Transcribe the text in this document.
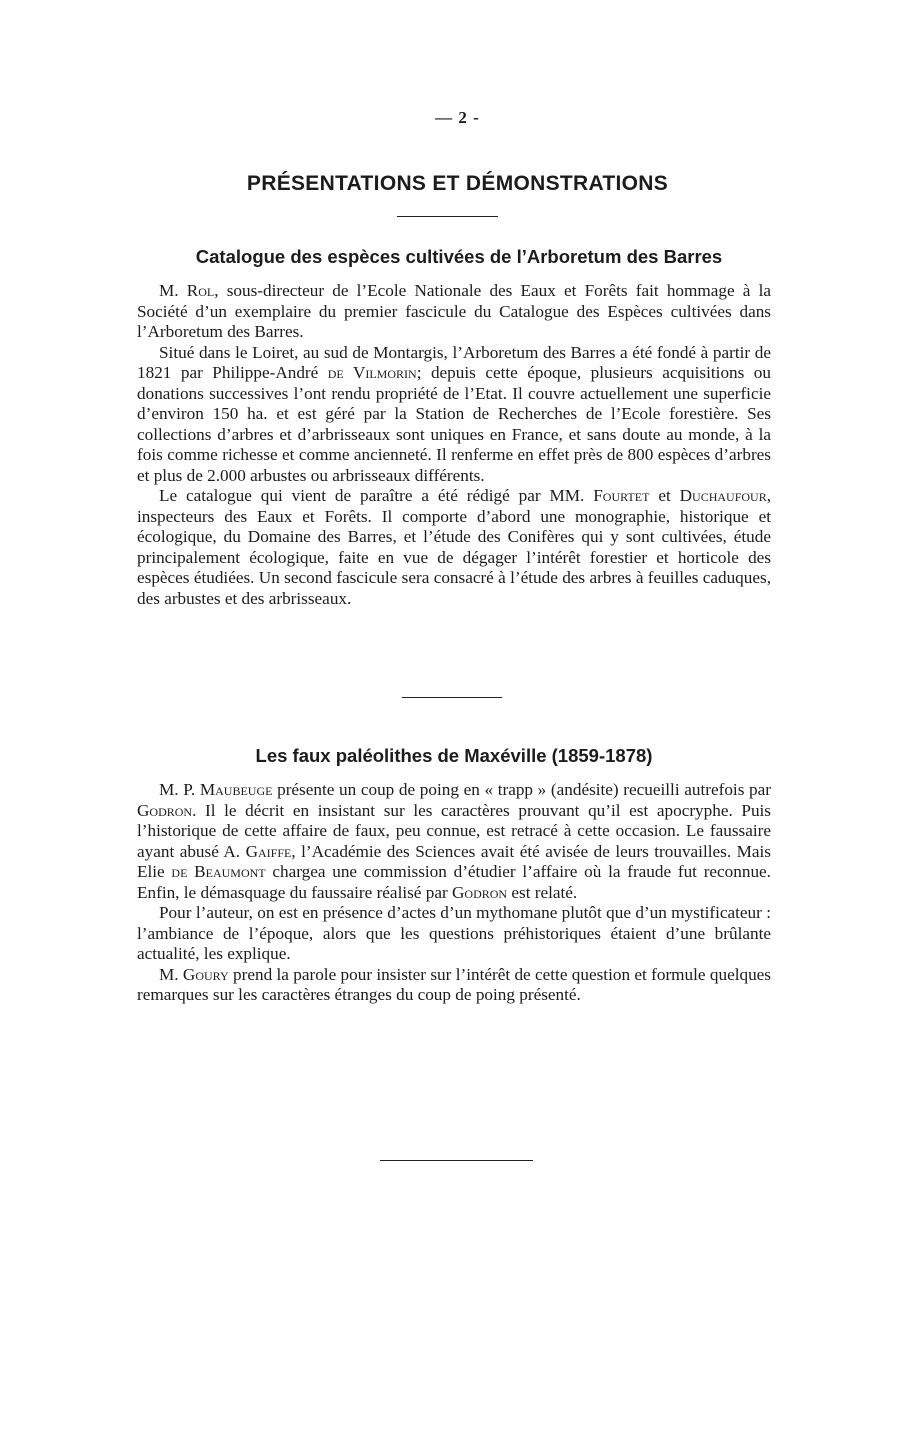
— 2 -
PRÉSENTATIONS ET DÉMONSTRATIONS
Catalogue des espèces cultivées de l’Arboretum des Barres

M. Rol, sous-directeur de l’Ecole Nationale des Eaux et Forêts fait hommage à la Société d’un exemplaire du premier fascicule du Catalogue des Espèces cultivées dans l’Arboretum des Barres.

Situé dans le Loiret, au sud de Montargis, l’Arboretum des Barres a été fondé à partir de 1821 par Philippe-André de Vilmorin; depuis cette époque, plusieurs acquisitions ou donations successives l’ont rendu propriété de l’Etat. Il couvre actuellement une superficie d’environ 150 ha. et est géré par la Station de Recherches de l’Ecole forestière. Ses collections d’arbres et d’arbrisseaux sont uniques en France, et sans doute au monde, à la fois comme richesse et comme ancienneté. Il renferme en effet près de 800 espèces d’arbres et plus de 2.000 arbustes ou arbrisseaux différents.

Le catalogue qui vient de paraître a été rédigé par MM. Fourtet et Duchaufour, inspecteurs des Eaux et Forêts. Il comporte d’abord une monographie, historique et écologique, du Domaine des Barres, et l’étude des Conifères qui y sont cultivées, étude principalement écologique, faite en vue de dégager l’intérêt forestier et horticole des espèces étudiées. Un second fascicule sera consacré à l’étude des arbres à feuilles caduques, des arbustes et des arbrisseaux.

Les faux paléolithes de Maxéville (1859-1878)

M. P. Maubeuge présente un coup de poing en « trapp » (andésite) recueilli autrefois par Godron. Il le décrit en insistant sur les caractères prouvant qu’il est apocryphe. Puis l’historique de cette affaire de faux, peu connue, est retracé à cette occasion. Le faussaire ayant abusé A. Gaiffe, l’Académie des Sciences avait été avisée de leurs trouvailles. Mais Elie de Beaumont chargea une commission d’étudier l’affaire où la fraude fut reconnue. Enfin, le démasquage du faussaire réalisé par Godron est relaté.

Pour l’auteur, on est en présence d’actes d’un mythomane plutôt que d’un mystificateur : l’ambiance de l’époque, alors que les questions préhistoriques étaient d’une brûlante actualité, les explique.

M. Goury prend la parole pour insister sur l’intérêt de cette question et formule quelques remarques sur les caractères étranges du coup de poing présenté.
